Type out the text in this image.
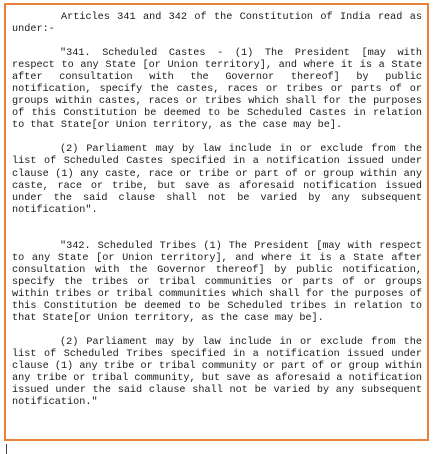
Articles 341 and 342 of the Constitution of India read as under:-

"341. Scheduled Castes - (1) The President [may with respect to any State [or Union territory], and where it is a State after consultation with the Governor thereof] by public notification, specify the castes, races or tribes or parts of or groups within castes, races or tribes which shall for the purposes of this Constitution be deemed to be Scheduled Castes in relation to that State[or Union territory, as the case may be].

(2) Parliament may by law include in or exclude from the list of Scheduled Castes specified in a notification issued under clause (1) any caste, race or tribe or part of or group within any caste, race or tribe, but save as aforesaid notification issued under the said clause shall not be varied by any subsequent notification".

"342. Scheduled Tribes (1) The President [may with respect to any State [or Union territory], and where it is a State after consultation with the Governor thereof] by public notification, specify the tribes or tribal communities or parts of or groups within tribes or tribal communities which shall for the purposes of this Constitution be deemed to be Scheduled tribes in relation to that State[or Union territory, as the case may be].

(2) Parliament may by law include in or exclude from the list of Scheduled Tribes specified in a notification issued under clause (1) any tribe or tribal community or part of or group within any tribe or tribal community, but save as aforesaid a notification issued under the said clause shall not be varied by any subsequent notification."
